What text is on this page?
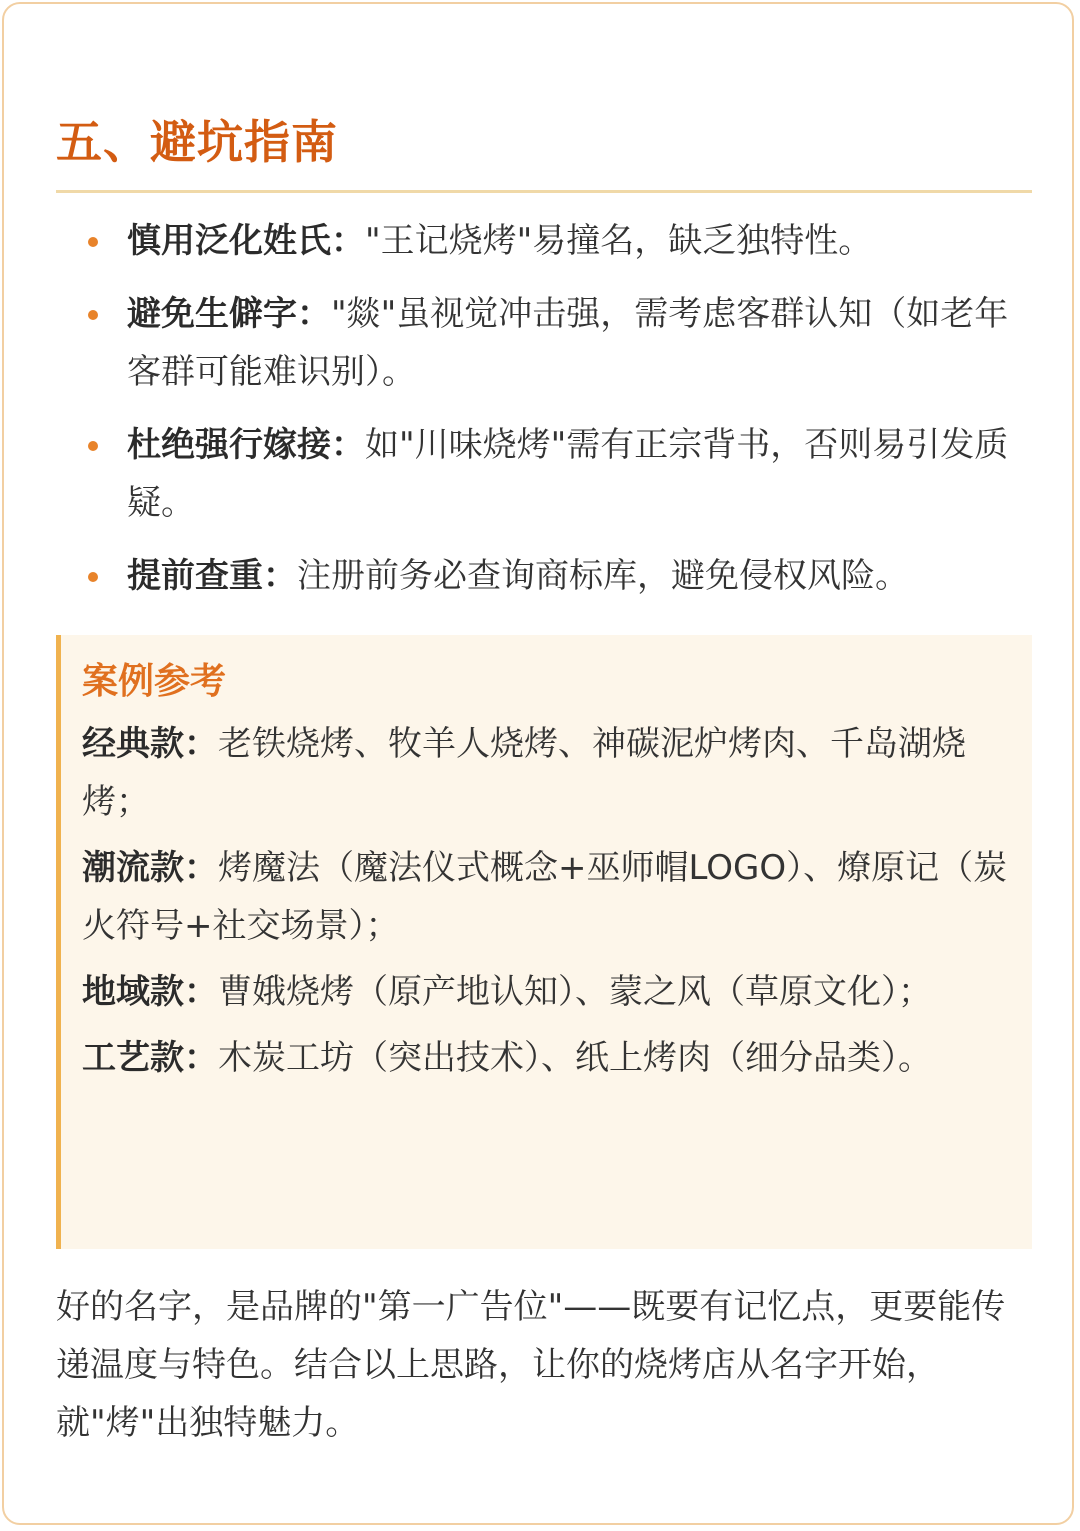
五、避坑指南
慎用泛化姓氏："王记烧烤"易撞名，缺乏独特性。
避免生僻字："燚"虽视觉冲击强，需考虑客群认知（如老年客群可能难识别）。
杜绝强行嫁接：如"川味烧烤"需有正宗背书，否则易引发质疑。
提前查重：注册前务必查询商标库，避免侵权风险。
案例参考

经典款：老铁烧烤、牧羊人烧烤、神碳泥炉烤肉、千岛湖烧烤；

潮流款：烤魔法（魔法仪式概念+巫师帽LOGO）、燎原记（炭火符号+社交场景）；

地域款：曹娥烧烤（原产地认知）、蒙之风（草原文化）；

工艺款：木炭工坊（突出技术）、纸上烤肉（细分品类）。

好的名字，是品牌的"第一广告位"——既要有记忆点，更要能传递温度与特色。结合以上思路，让你的烧烤店从名字开始，就"烤"出独特魅力。
